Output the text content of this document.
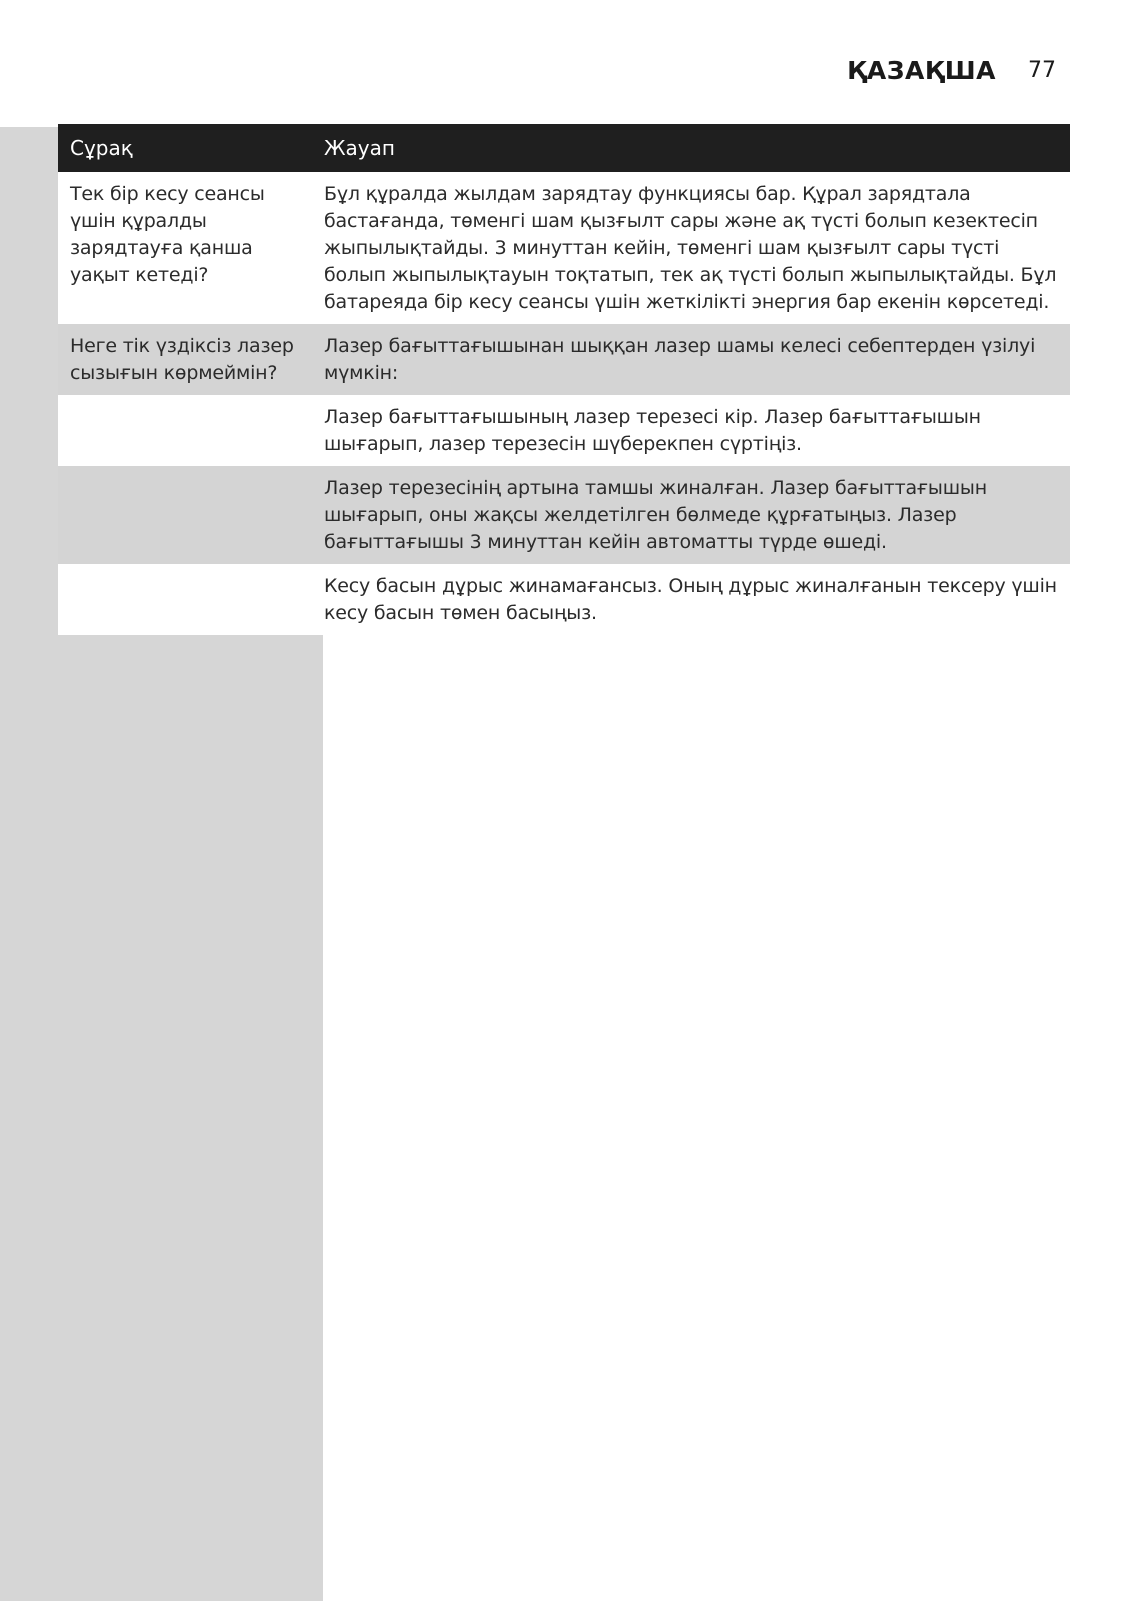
ҚАЗАҚША 77
Сұрақ	Жауап
Тек бір кесу сеансы үшін құралды зарядтауға қанша уақыт кетеді?	Бұл құралда жылдам зарядтау функциясы бар. Құрал зарядтала бастағанда, төменгі шам қызғылт сары және ақ түсті болып кезектесіп жыпылықтайды. 3 минуттан кейін, төменгі шам қызғылт сары түсті болып жыпылықтауын тоқтатып, тек ақ түсті болып жыпылықтайды. Бұл батареяда бір кесу сеансы үшін жеткілікті энергия бар екенін көрсетеді.
Неге тік үздіксіз лазер сызығын көрмеймін?	Лазер бағыттағышынан шыққан лазер шамы келесі себептерден үзілуі мүмкін:
	Лазер бағыттағышының лазер терезесі кір. Лазер бағыттағышын шығарып, лазер терезесін шүберекпен сүртіңіз.
	Лазер терезесінің артына тамшы жиналған. Лазер бағыттағышын шығарып, оны жақсы желдетілген бөлмеде құрғатыңыз. Лазер бағыттағышы 3 минуттан кейін автоматты түрде өшеді.
	Кесу басын дұрыс жинамағансыз. Оның дұрыс жиналғанын тексеру үшін кесу басын төмен басыңыз.
